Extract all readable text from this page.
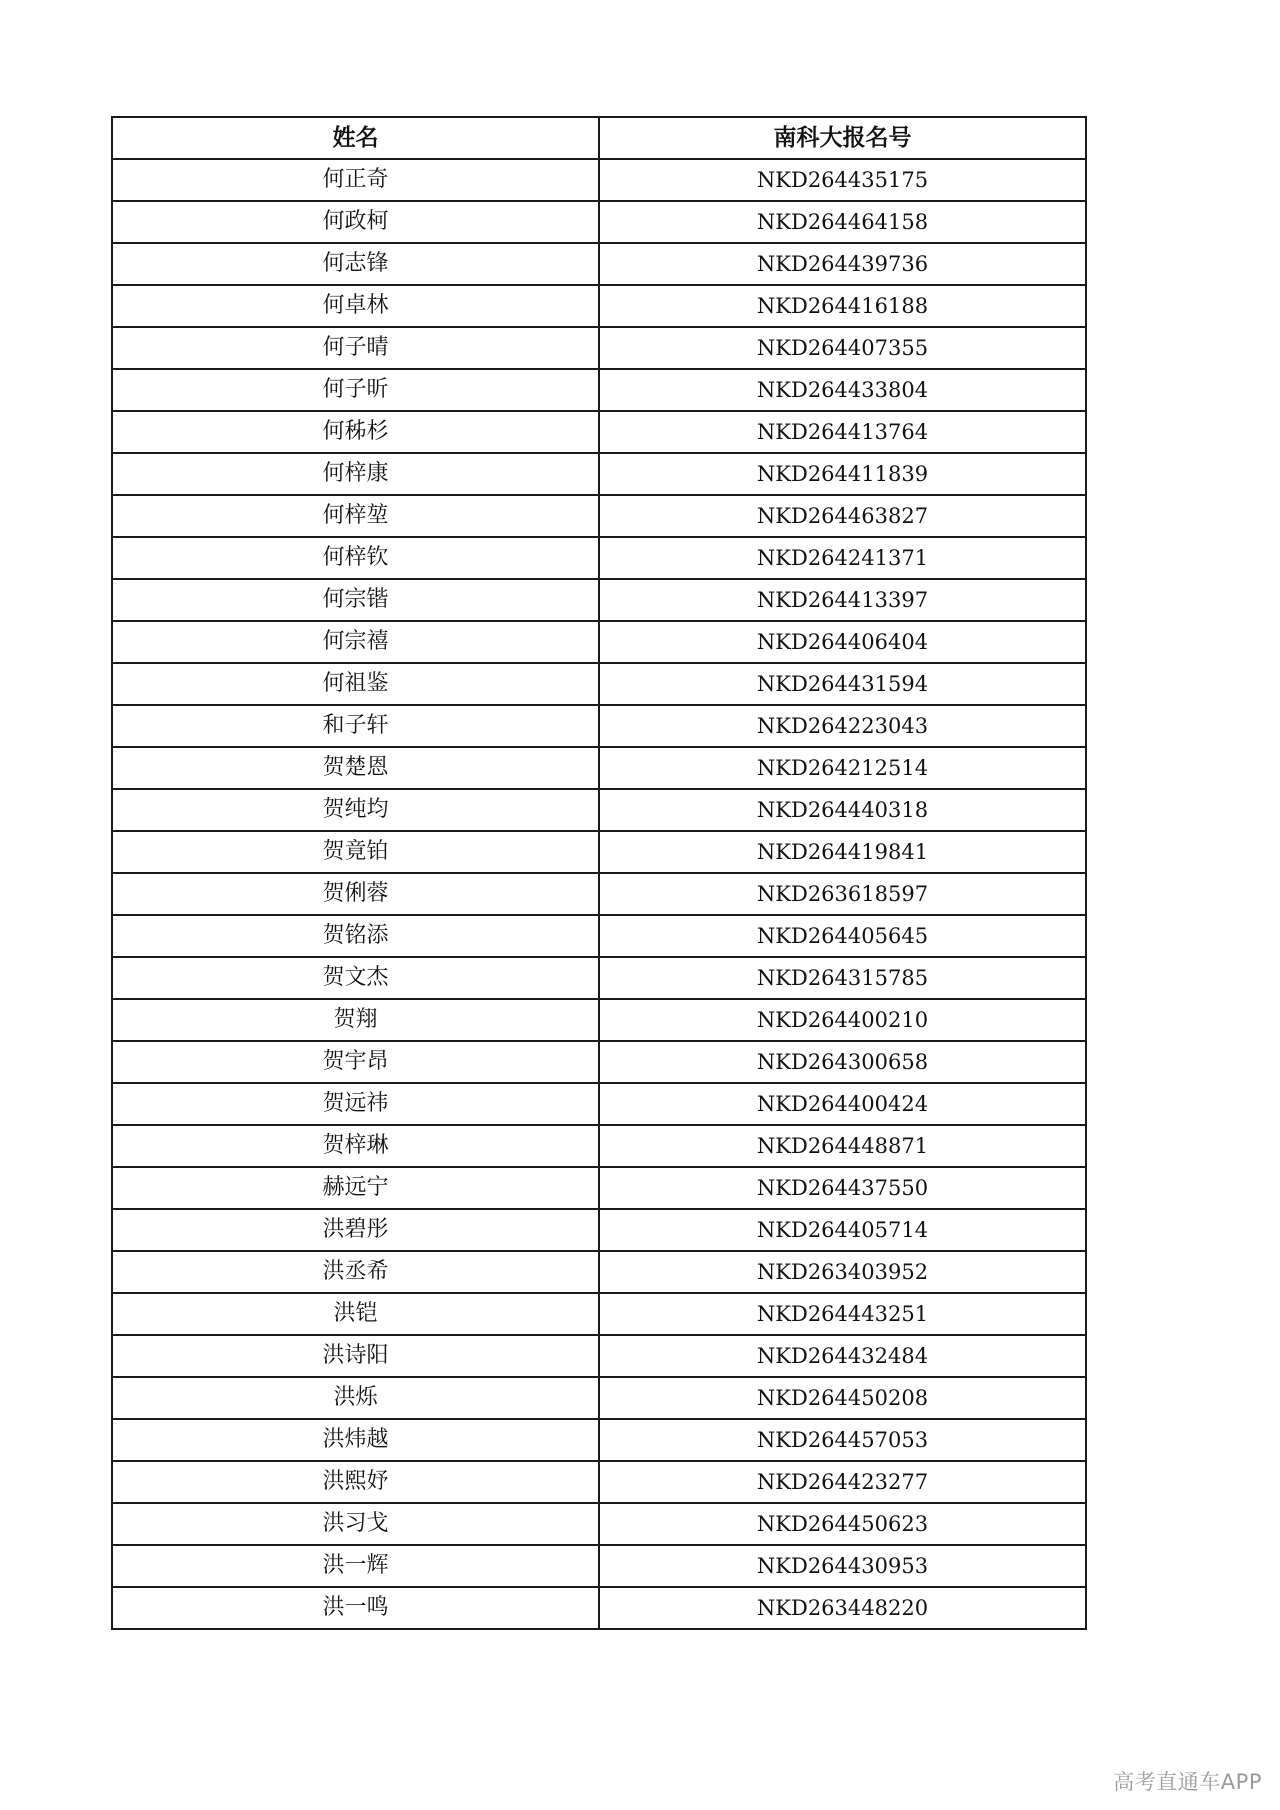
姓名	南科大报名号
何正奇	NKD264435175
何政柯	NKD264464158
何志锋	NKD264439736
何卓林	NKD264416188
何子晴	NKD264407355
何子昕	NKD264433804
何秭杉	NKD264413764
何梓康	NKD264411839
何梓堃	NKD264463827
何梓钦	NKD264241371
何宗锴	NKD264413397
何宗禧	NKD264406404
何祖鉴	NKD264431594
和子轩	NKD264223043
贺楚恩	NKD264212514
贺纯均	NKD264440318
贺竟铂	NKD264419841
贺俐蓉	NKD263618597
贺铭添	NKD264405645
贺文杰	NKD264315785
贺翔	NKD264400210
贺宇昂	NKD264300658
贺远祎	NKD264400424
贺梓琳	NKD264448871
赫远宁	NKD264437550
洪碧彤	NKD264405714
洪丞希	NKD263403952
洪铠	NKD264443251
洪诗阳	NKD264432484
洪烁	NKD264450208
洪炜越	NKD264457053
洪熙妤	NKD264423277
洪习戈	NKD264450623
洪一辉	NKD264430953
洪一鸣	NKD263448220
高考直通车APP
